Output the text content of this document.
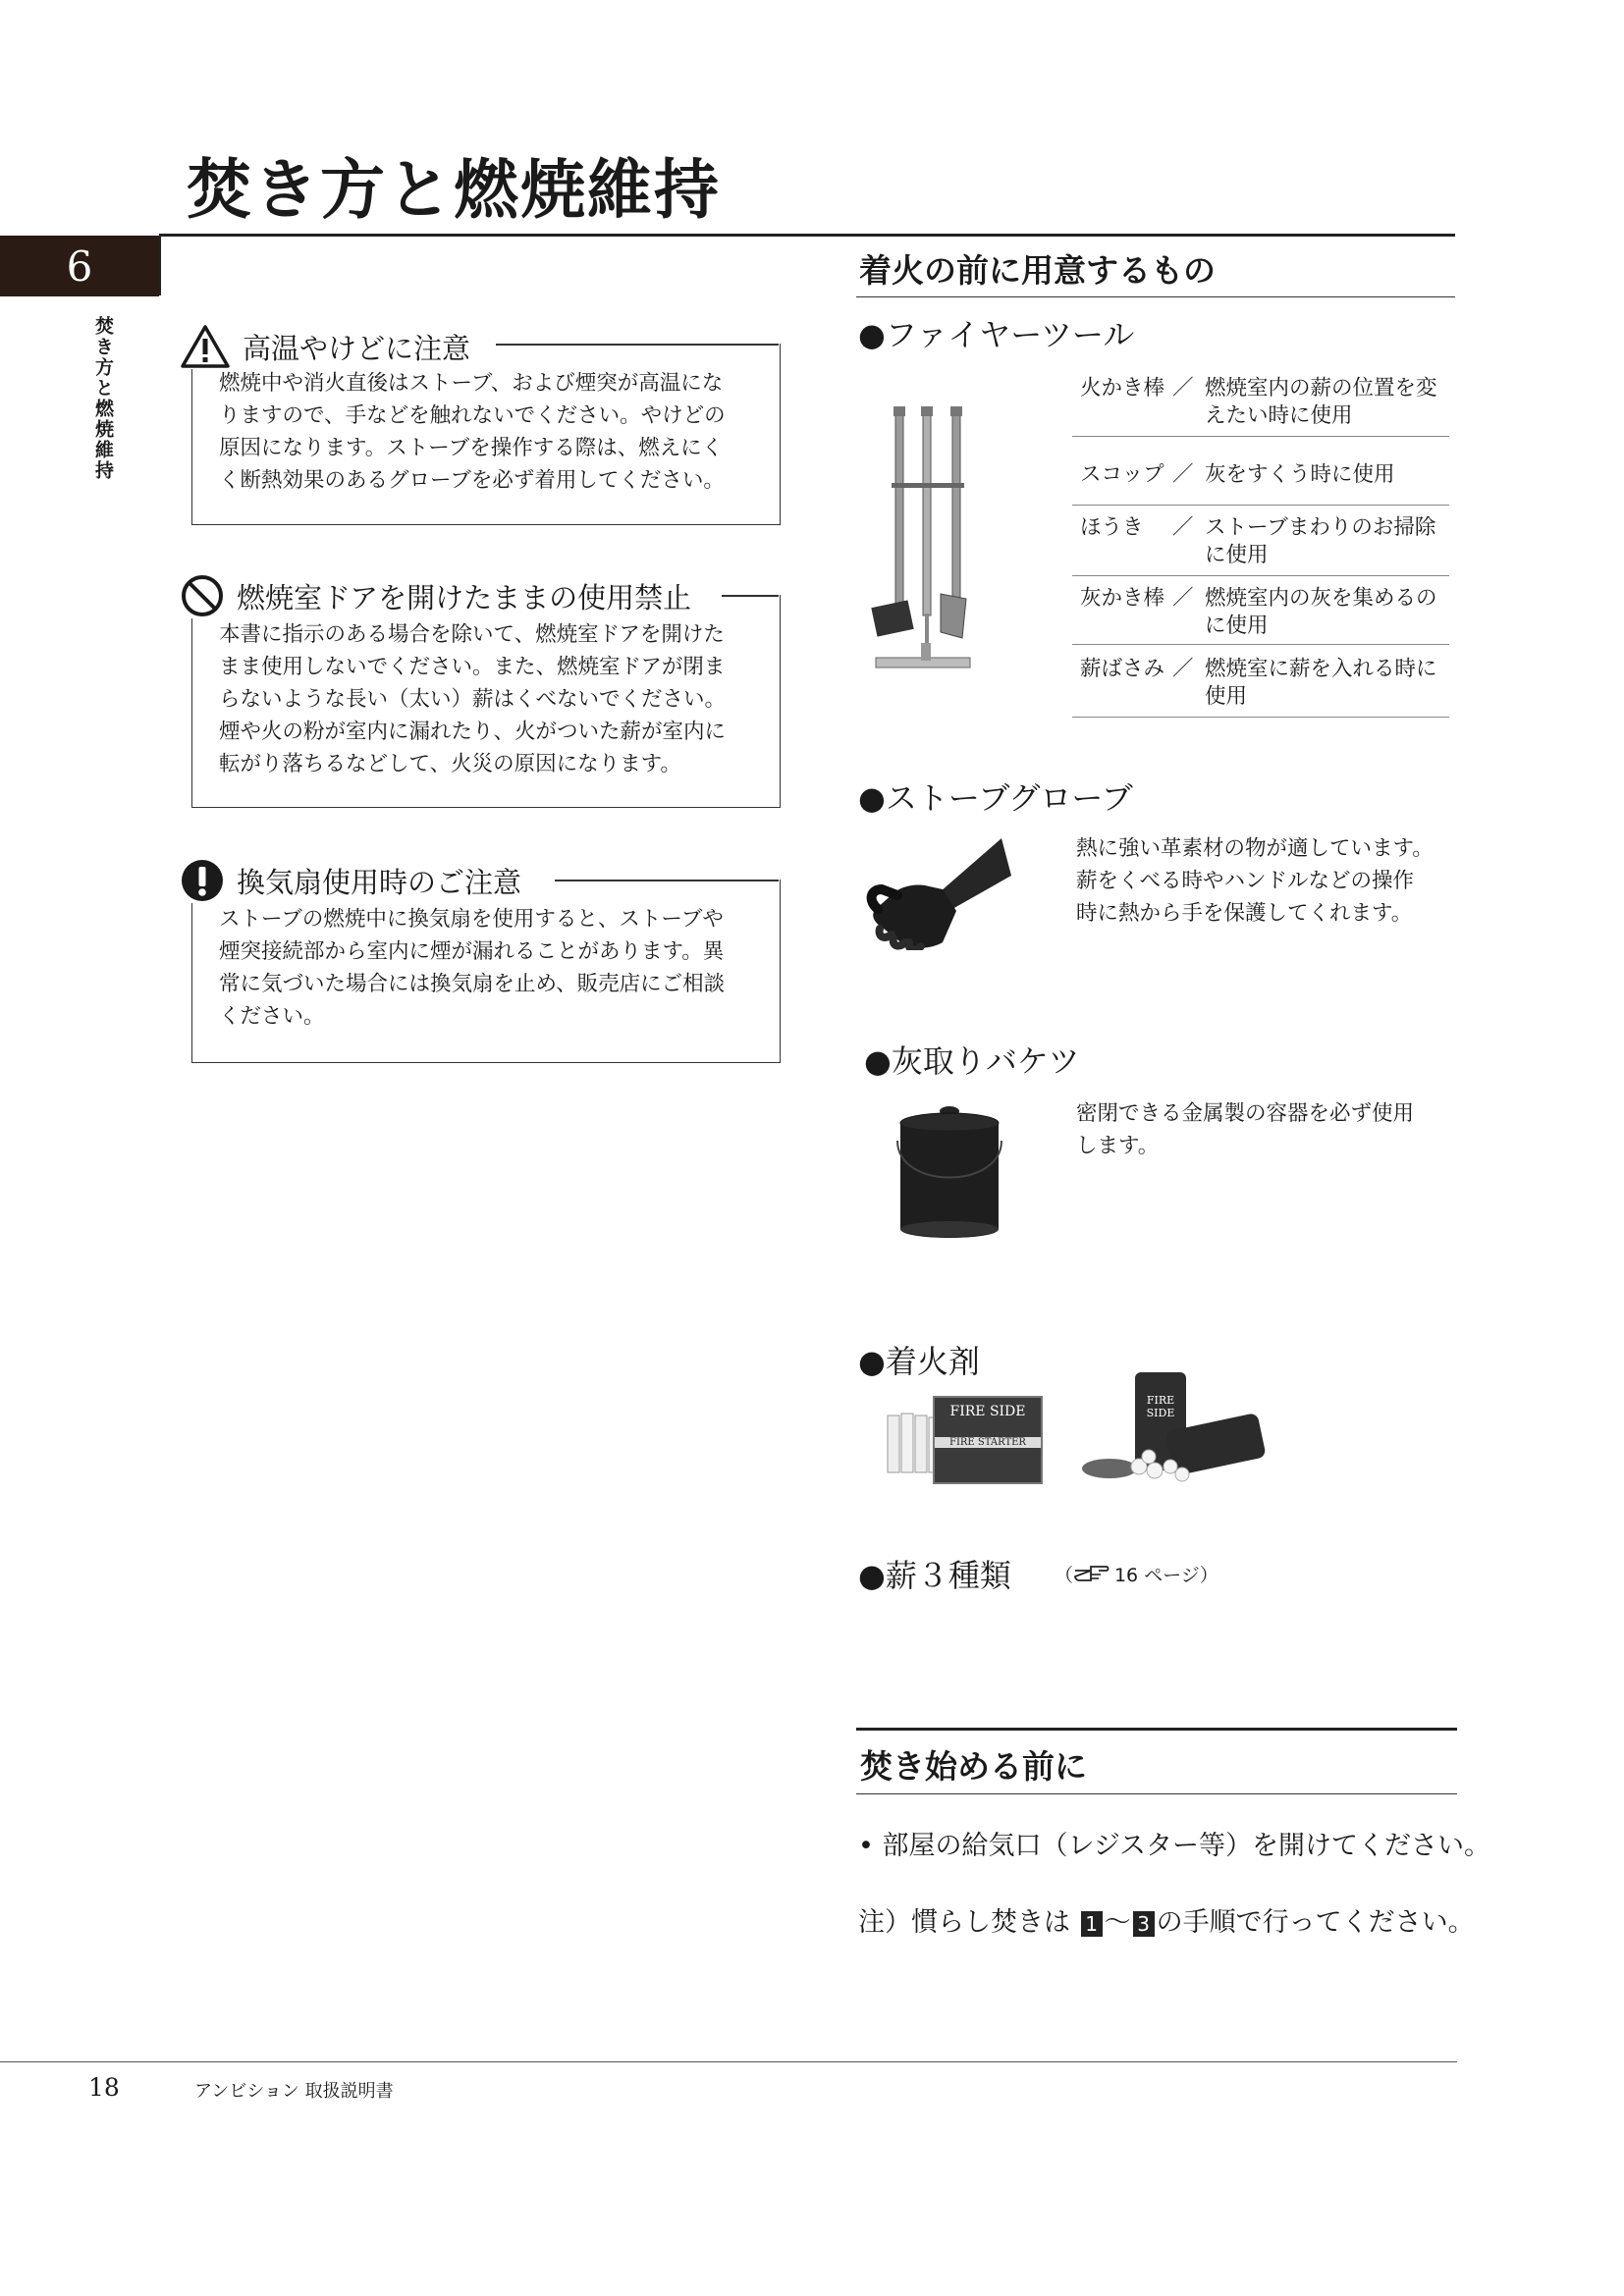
焚き方と燃焼維持
6
焚き方と燃焼維持	高温やけどに注意
燃焼中や消火直後はストーブ、および煙突が高温にな
りますので、手などを触れないでください。やけどの
原因になります。ストーブを操作する際は、燃えにく
く断熱効果のあるグローブを必ず着用してください。
燃焼室ドアを開けたままの使用禁止
本書に指示のある場合を除いて、燃焼室ドアを開けた
まま使用しないでください。また、燃焼室ドアが閉ま
らないような長い（太い）薪はくべないでください。
煙や火の粉が室内に漏れたり、火がついた薪が室内に
転がり落ちるなどして、火災の原因になります。
換気扇使用時のご注意
ストーブの燃焼中に換気扇を使用すると、ストーブや
煙突接続部から室内に煙が漏れることがあります。異
常に気づいた場合には換気扇を止め、販売店にご相談
ください。
着火の前に用意するもの
●ファイヤーツール
火かき棒 ／ 燃焼室内の薪の位置を変えたい時に使用
スコップ ／ 灰をすくう時に使用
ほうき ／ ストーブまわりのお掃除に使用
灰かき棒 ／ 燃焼室内の灰を集めるのに使用
薪ばさみ ／ 燃焼室に薪を入れる時に使用
●ストーブグローブ
熱に強い革素材の物が適しています。
薪をくべる時やハンドルなどの操作
時に熱から手を保護してくれます。
●灰取りバケツ
密閉できる金属製の容器を必ず使用
します。
●着火剤
FIRE SIDE
FIRE STARTER
FIRE SIDE
●薪３種類 （ 16 ページ）
焚き始める前に
• 部屋の給気口（レジスター等）を開けてください。
注）慣らし焚きは 1 ～ 3 の手順で行ってください。
18	アンビション 取扱説明書
